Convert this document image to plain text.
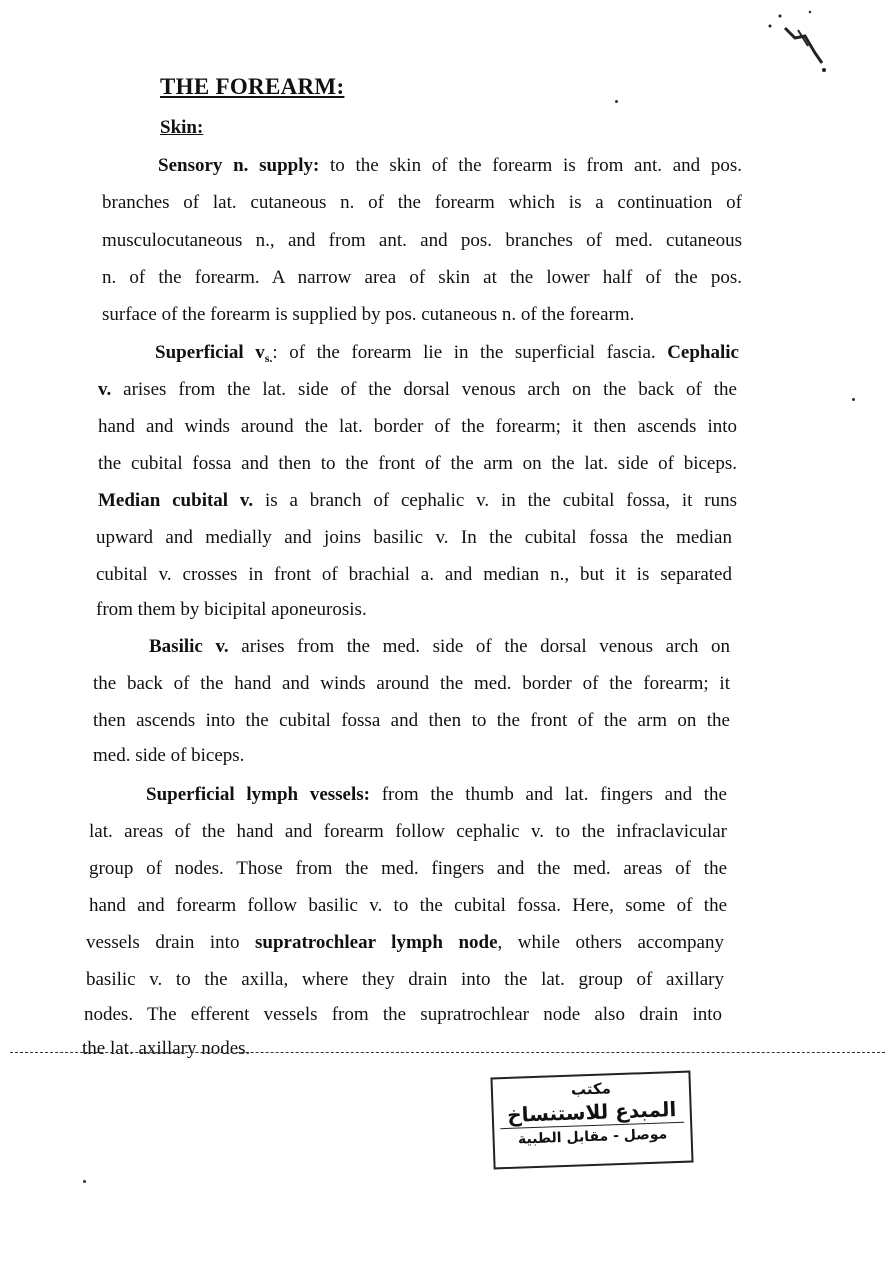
THE FOREARM:
Skin:
Sensory n. supply: to the skin of the forearm is from ant. and pos.
branches of lat. cutaneous n. of the forearm which is a continuation of
musculocutaneous n., and from ant. and pos. branches of med. cutaneous
n. of the forearm. A narrow area of skin at the lower half of the pos.
surface of the forearm is supplied by pos. cutaneous n. of the forearm.
Superficial $v_{s.}$: of the forearm lie in the superficial fascia. Cephalic
v. arises from the lat. side of the dorsal venous arch on the back of the
hand and winds around the lat. border of the forearm; it then ascends into
the cubital fossa and then to the front of the arm on the lat. side of biceps.
Median cubital v. is a branch of cephalic v. in the cubital fossa, it runs
upward and medially and joins basilic v. In the cubital fossa the median
cubital v. crosses in front of brachial a. and median n., but it is separated
from them by bicipital aponeurosis.
Basilic v. arises from the med. side of the dorsal venous arch on
the back of the hand and winds around the med. border of the forearm; it
then ascends into the cubital fossa and then to the front of the arm on the
med. side of biceps.
Superficial lymph vessels: from the thumb and lat. fingers and the
lat. areas of the hand and forearm follow cephalic v. to the infraclavicular
group of nodes. Those from the med. fingers and the med. areas of the
hand and forearm follow basilic v. to the cubital fossa. Here, some of the
vessels drain into supratrochlear lymph node, while others accompany
basilic v. to the axilla, where they drain into the lat. group of axillary
nodes. The efferent vessels from the supratrochlear node also drain into
the lat. axillary nodes.
مكتب
المبدع للاستنساخ
موصل - مقابل الطبية
